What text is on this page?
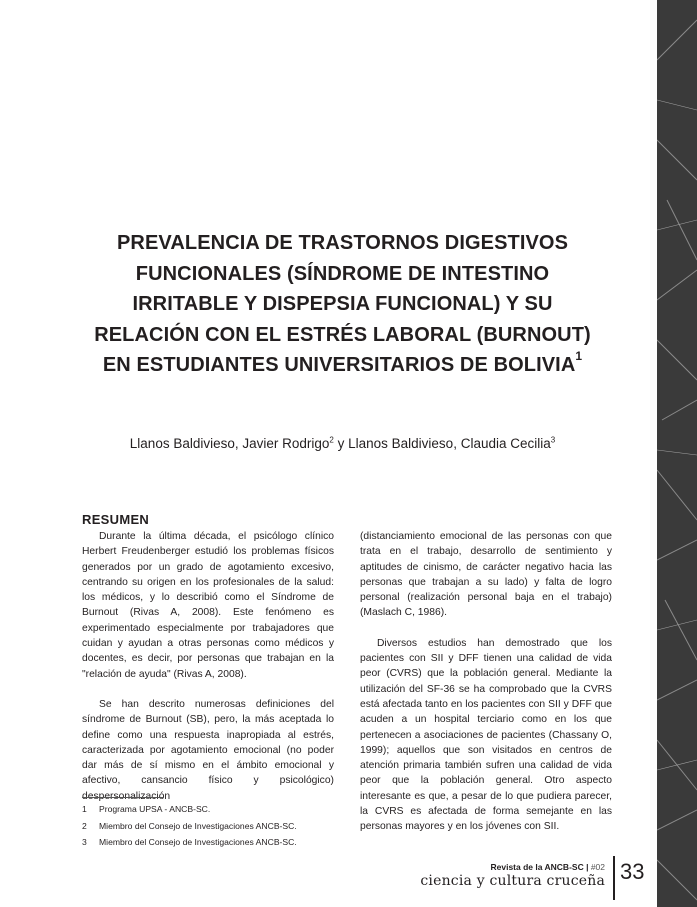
PREVALENCIA DE TRASTORNOS DIGESTIVOS
FUNCIONALES (SÍNDROME DE INTESTINO
IRRITABLE Y DISPEPSIA FUNCIONAL) Y SU
RELACIÓN CON EL ESTRÉS LABORAL (BURNOUT)
EN ESTUDIANTES UNIVERSITARIOS DE BOLIVIA$^1$

Llanos Baldivieso, Javier Rodrigo$^2$ y Llanos Baldivieso, Claudia Cecilia$^3$

RESUMEN

Durante la última década, el psicólogo clínico Herbert Freudenberger estudió los problemas físicos generados por un grado de agotamiento excesivo, centrando su origen en los profesionales de la salud: los médicos, y lo describió como el Síndrome de Burnout (Rivas A, 2008). Este fenómeno es experimentado especialmente por trabajadores que cuidan y ayudan a otras personas como médicos y docentes, es decir, por personas que trabajan en la "relación de ayuda" (Rivas A, 2008).

Se han descrito numerosas definiciones del síndrome de Burnout (SB), pero, la más aceptada lo define como una respuesta inapropiada al estrés, caracterizada por agotamiento emocional (no poder dar más de sí mismo en el ámbito emocional y afectivo, cansancio físico y psicológico) despersonalización

(distanciamiento emocional de las personas con que trata en el trabajo, desarrollo de sentimiento y aptitudes de cinismo, de carácter negativo hacia las personas que trabajan a su lado) y falta de logro personal (realización personal baja en el trabajo) (Maslach C, 1986).

Diversos estudios han demostrado que los pacientes con SII y DFF tienen una calidad de vida peor (CVRS) que la población general. Mediante la utilización del SF-36 se ha comprobado que la CVRS está afectada tanto en los pacientes con SII y DFF que acuden a un hospital terciario como en los que pertenecen a asociaciones de pacientes (Chassany O, 1999); aquellos que son visitados en centros de atención primaria también sufren una calidad de vida peor que la población general. Otro aspecto interesante es que, a pesar de lo que pudiera parecer, la CVRS es afectada de forma semejante en las personas mayores y en los jóvenes con SII.

1	Programa UPSA - ANCB-SC.
2	Miembro del Consejo de Investigaciones ANCB-SC.
3	Miembro del Consejo de Investigaciones ANCB-SC.

Revista de la ANCB-SC | #02

ciencia y cultura cruceña 33
